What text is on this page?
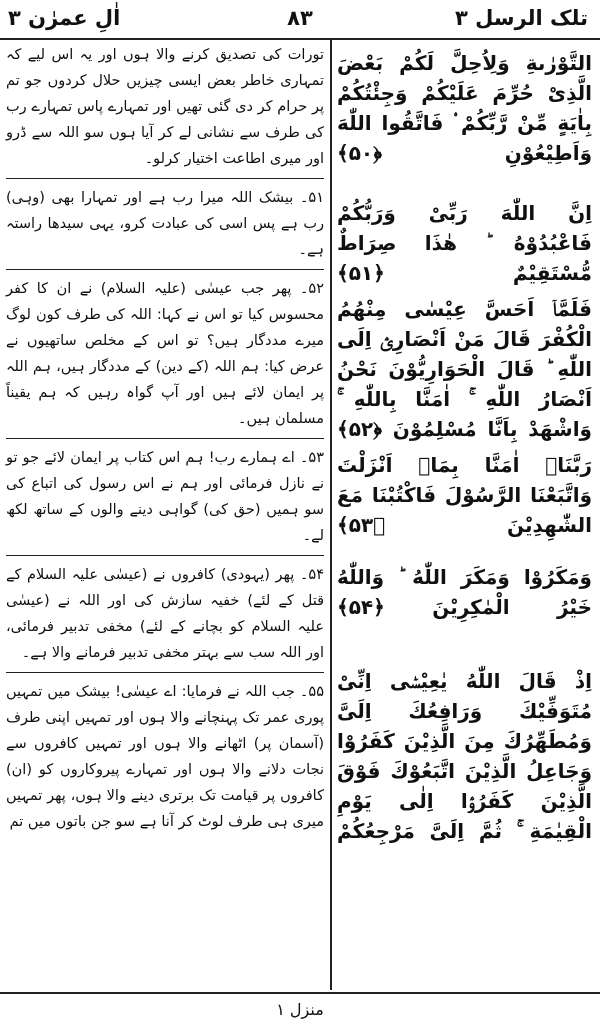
اٰلِ عمرٰن ۳	۸۳	تلک الرسل ۳

التَّوْرٰىةِ وَلِاُحِلَّ لَكُمْ بَعْضَ الَّذِیْ حُرِّمَ عَلَیْكُمْ وَجِئْتُكُمْ بِاٰیَةٍ مِّنْ رَّبِّكُمْ ۟ فَاتَّقُوا اللّٰهَ وَاَطِیْعُوْنِ ﴿۵۰﴾

اِنَّ اللّٰهَ رَبِّیْ وَرَبُّكُمْ فَاعْبُدُوْهُ ؕ هٰذَا صِرَاطٌ مُّسْتَقِیْمٌ ﴿۵۱﴾

فَلَمَّاۤ اَحَسَّ عِیْسٰى مِنْهُمُ الْكُفْرَ قَالَ مَنْ اَنْصَارِیْۤ اِلَى اللّٰهِ ؕ قَالَ الْحَوَارِیُّوْنَ نَحْنُ اَنْصَارُ اللّٰهِ ۚ اٰمَنَّا بِاللّٰهِ ۚ وَاشْهَدْ بِاَنَّا مُسْلِمُوْنَ ﴿۵۲﴾

رَبَّنَاۤ اٰمَنَّا بِمَاۤ اَنْزَلْتَ وَاتَّبَعْنَا الرَّسُوْلَ فَاكْتُبْنَا مَعَ الشّٰهِدِیْنَ ﴿۵۳﴾

وَمَكَرُوْا وَمَكَرَ اللّٰهُ ؕ وَاللّٰهُ خَیْرُ الْمٰكِرِیْنَ ﴿۵۴﴾

اِذْ قَالَ اللّٰهُ یٰعِیْسٰۤى اِنِّیْ مُتَوَفِّیْكَ وَرَافِعُكَ اِلَیَّ وَمُطَهِّرُكَ مِنَ الَّذِیْنَ كَفَرُوْا وَجَاعِلُ الَّذِیْنَ اتَّبَعُوْكَ فَوْقَ الَّذِیْنَ كَفَرُوْۤا اِلٰى یَوْمِ الْقِیٰمَةِ ۚ ثُمَّ اِلَیَّ مَرْجِعُكُمْ

تورات کی تصدیق کرنے والا ہوں اور یہ اس لیے کہ تمہاری خاطر بعض ایسی چیزیں حلال کردوں جو تم پر حرام کر دی گئی تھیں اور تمہارے پاس تمہارے رب کی طرف سے نشانی لے کر آیا ہوں سو اللہ سے ڈرو اور میری اطاعت اختیار کرلو۔

۵۱۔ بیشک اللہ میرا رب ہے اور تمہارا بھی (وہی) رب ہے پس اسی کی عبادت کرو، یہی سیدھا راستہ ہے۔

۵۲۔ پھر جب عیسٰی (علیہ السلام) نے ان کا کفر محسوس کیا تو اس نے کہا: اللہ کی طرف کون لوگ میرے مددگار ہیں؟ تو اس کے مخلص ساتھیوں نے عرض کیا: ہم اللہ (کے دین) کے مددگار ہیں، ہم اللہ پر ایمان لائے ہیں اور آپ گواہ رہیں کہ ہم یقیناً مسلمان ہیں۔

۵۳۔ اے ہمارے رب! ہم اس کتاب پر ایمان لائے جو تو نے نازل فرمائی اور ہم نے اس رسول کی اتباع کی سو ہمیں (حق کی) گواہی دینے والوں کے ساتھ لکھ لے۔

۵۴۔ پھر (یہودی) کافروں نے (عیسٰی علیہ السلام کے قتل کے لئے) خفیہ سازش کی اور اللہ نے (عیسٰی علیہ السلام کو بچانے کے لئے) مخفی تدبیر فرمائی، اور اللہ سب سے بہتر مخفی تدبیر فرمانے والا ہے۔

۵۵۔ جب اللہ نے فرمایا: اے عیسٰی! بیشک میں تمہیں پوری عمر تک پہنچانے والا ہوں اور تمہیں اپنی طرف (آسمان پر) اٹھانے والا ہوں اور تمہیں کافروں سے نجات دلانے والا ہوں اور تمہارے پیروکاروں کو (ان) کافروں پر قیامت تک برتری دینے والا ہوں، پھر تمہیں میری ہی طرف لوٹ کر آنا ہے سو جن باتوں میں تم

منزل ۱
